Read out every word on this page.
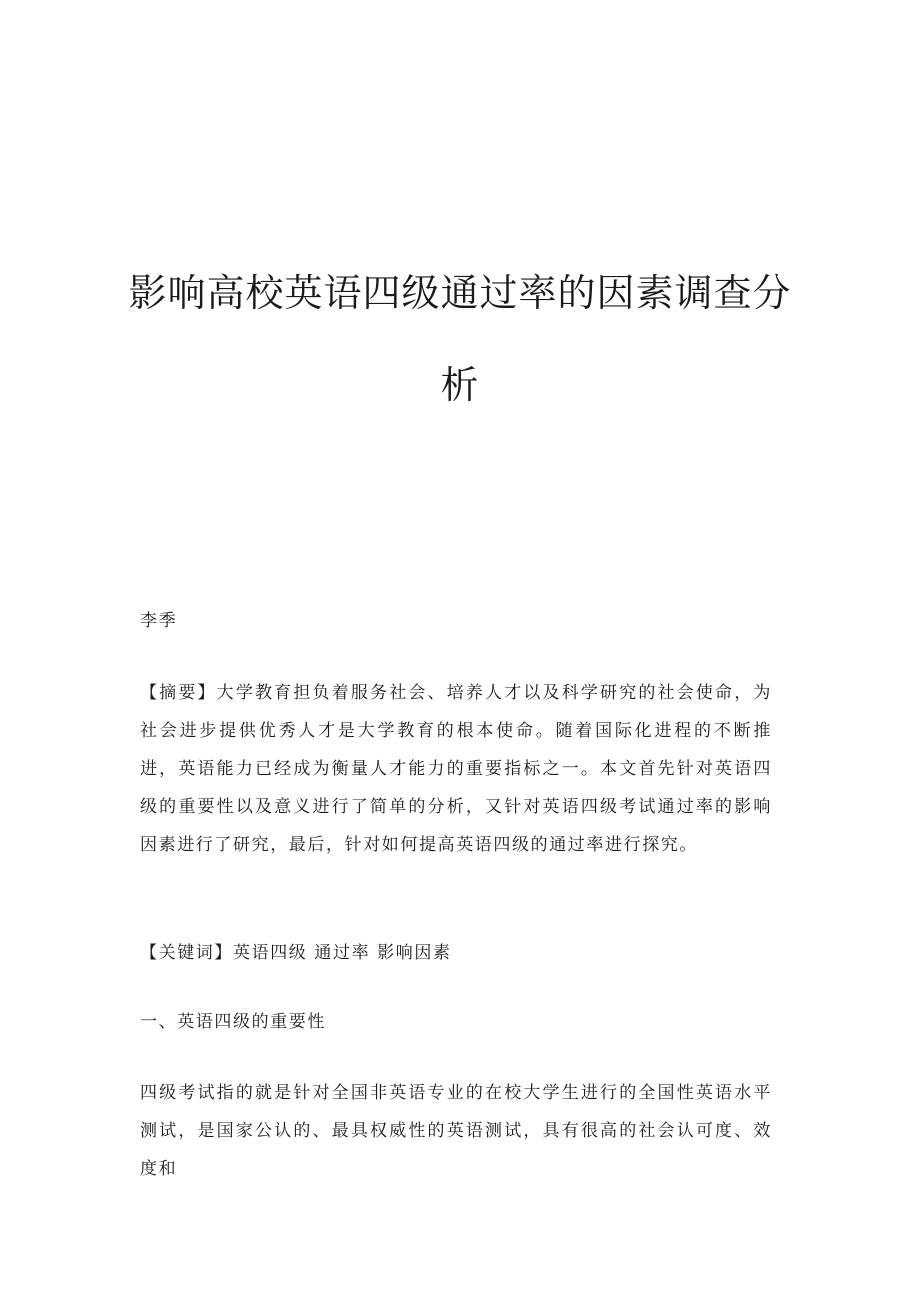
影响高校英语四级通过率的因素调查分析

李季

【摘要】大学教育担负着服务社会、培养人才以及科学研究的社会使命，为社会进步提供优秀人才是大学教育的根本使命。随着国际化进程的不断推进，英语能力已经成为衡量人才能力的重要指标之一。本文首先针对英语四级的重要性以及意义进行了简单的分析，又针对英语四级考试通过率的影响因素进行了研究，最后，针对如何提高英语四级的通过率进行探究。

【关键词】英语四级 通过率 影响因素

一、英语四级的重要性

四级考试指的就是针对全国非英语专业的在校大学生进行的全国性英语水平测试，是国家公认的、最具权威性的英语测试，具有很高的社会认可度、效度和
